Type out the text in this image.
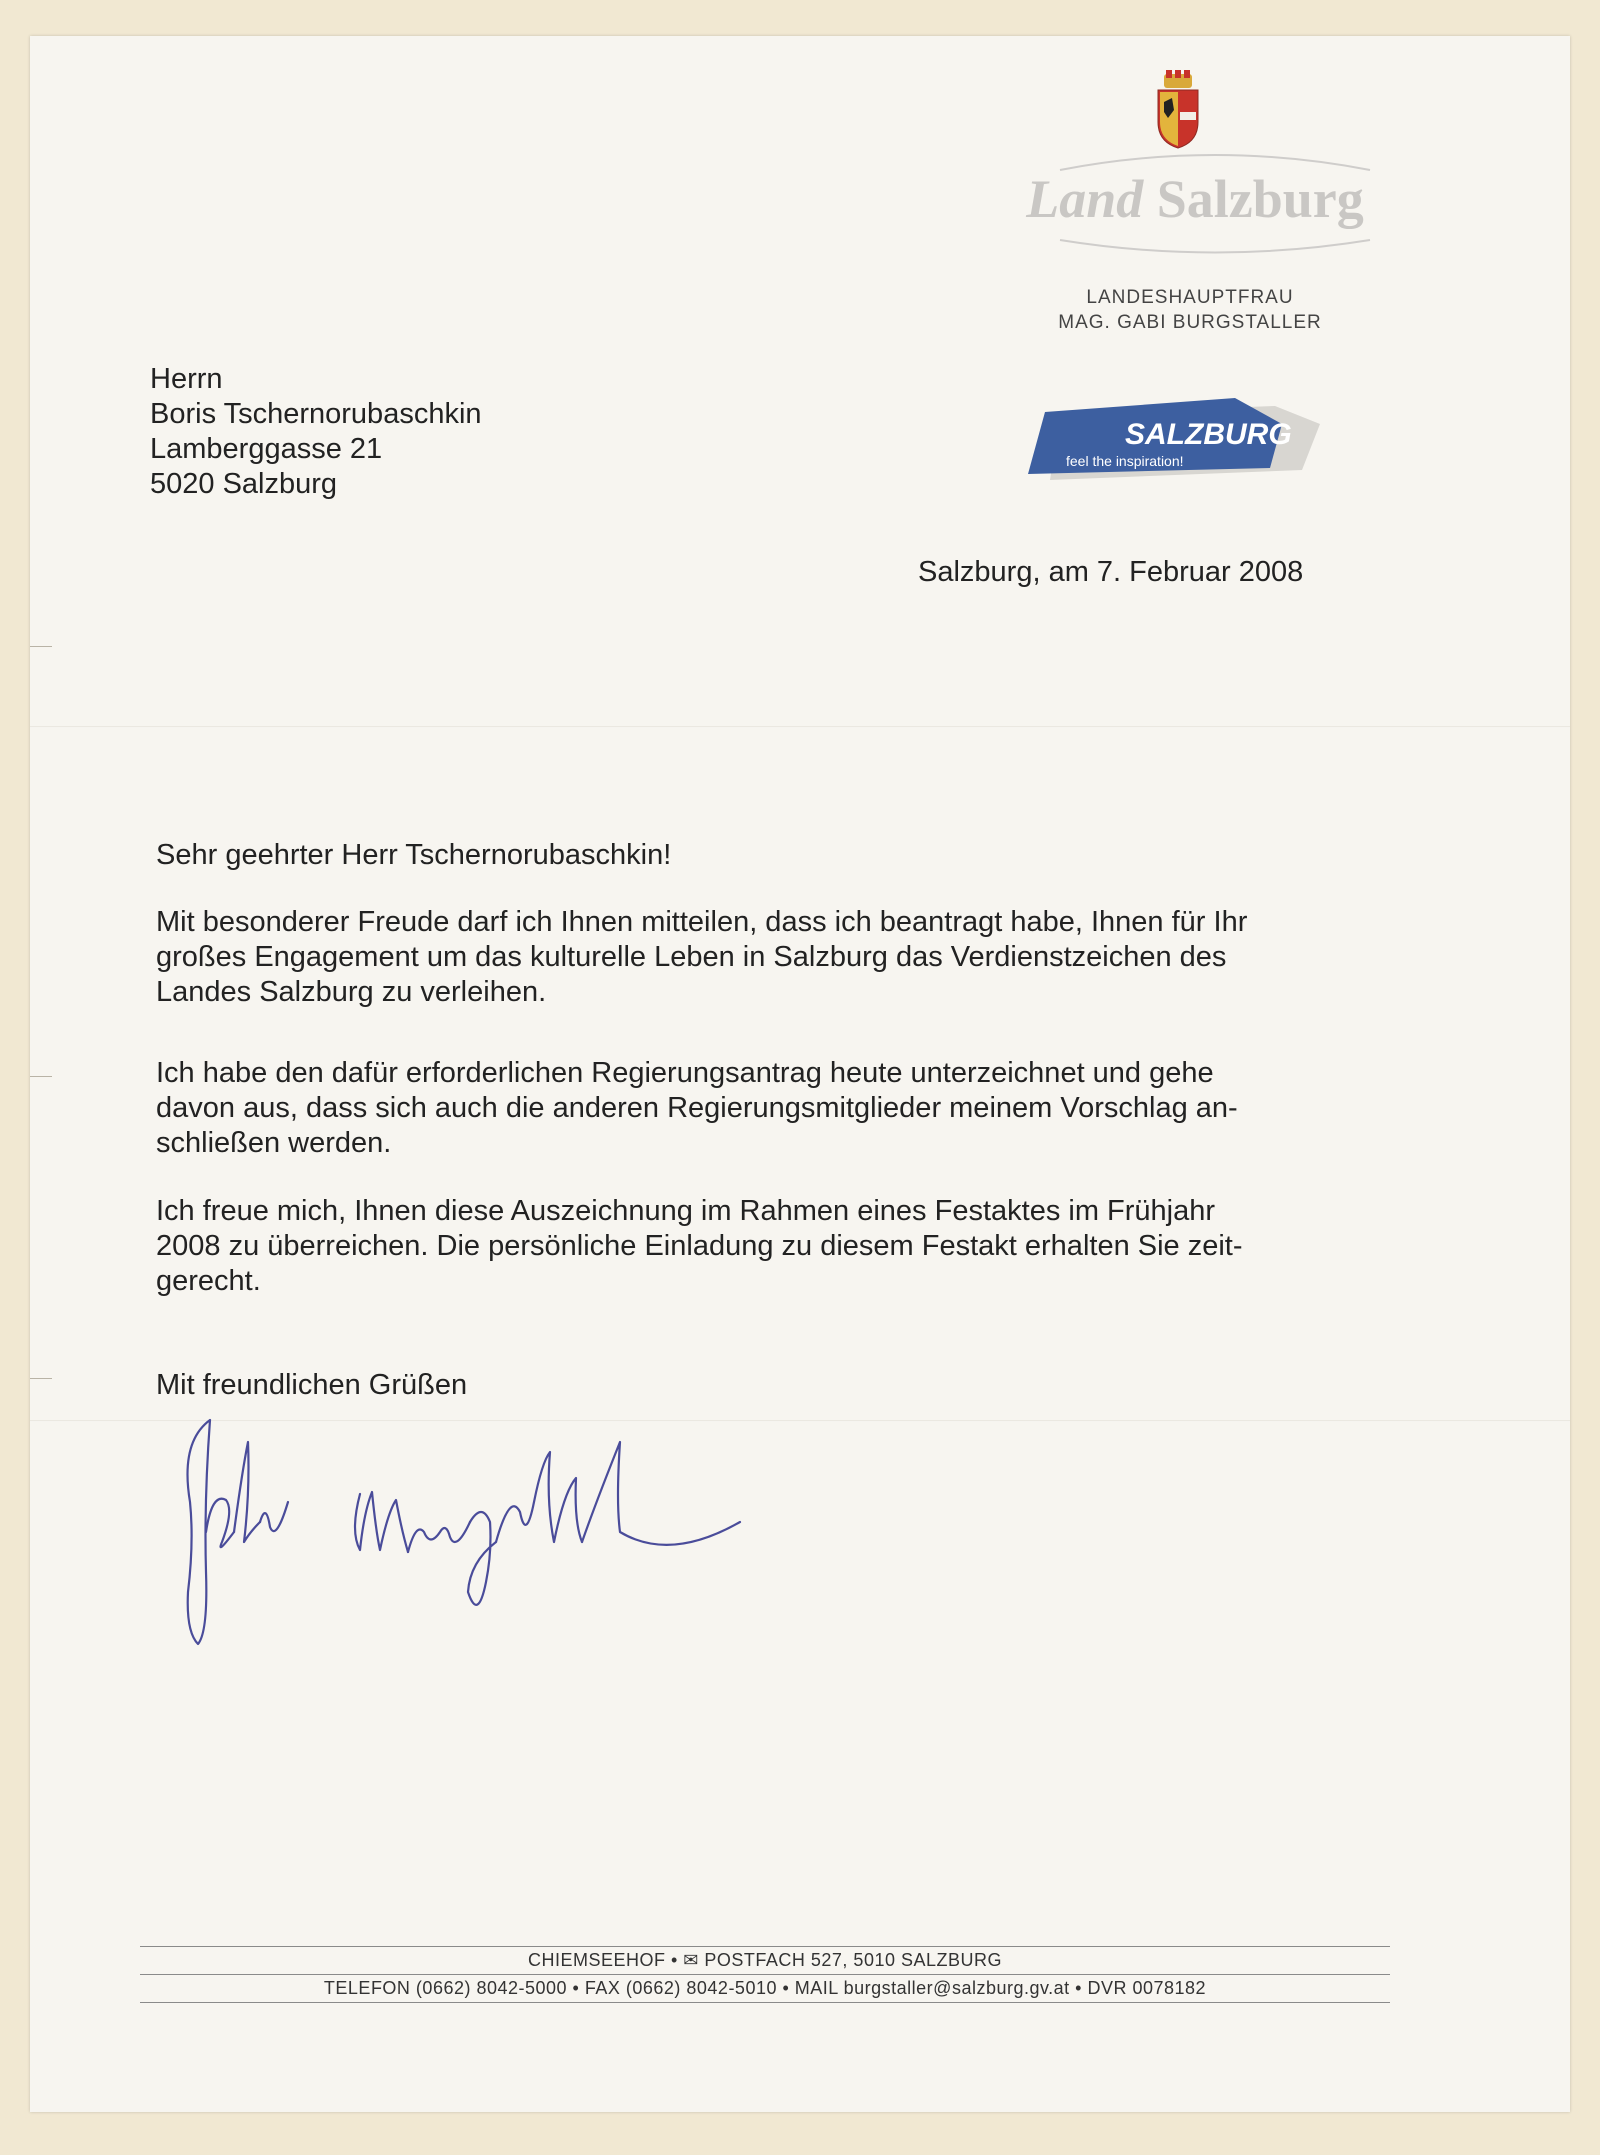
Land Salzburg
LANDESHAUPTFRAU
MAG. GABI BURGSTALLER
SALZBURG
feel the inspiration!
Herrn
Boris Tschernorubaschkin
Lamberggasse 21
5020 Salzburg
Salzburg, am 7. Februar 2008
Sehr geehrter Herr Tschernorubaschkin!
Mit besonderer Freude darf ich Ihnen mitteilen, dass ich beantragt habe, Ihnen für Ihr
großes Engagement um das kulturelle Leben in Salzburg das Verdienstzeichen des
Landes Salzburg zu verleihen.
Ich habe den dafür erforderlichen Regierungsantrag heute unterzeichnet und gehe
davon aus, dass sich auch die anderen Regierungsmitglieder meinem Vorschlag an-
schließen werden.
Ich freue mich, Ihnen diese Auszeichnung im Rahmen eines Festaktes im Frühjahr
2008 zu überreichen. Die persönliche Einladung zu diesem Festakt erhalten Sie zeit-
gerecht.
Mit freundlichen Grüßen
CHIEMSEEHOF • ✉ POSTFACH 527, 5010 SALZBURG
TELEFON (0662) 8042-5000 • FAX (0662) 8042-5010 • MAIL burgstaller@salzburg.gv.at • DVR 0078182
